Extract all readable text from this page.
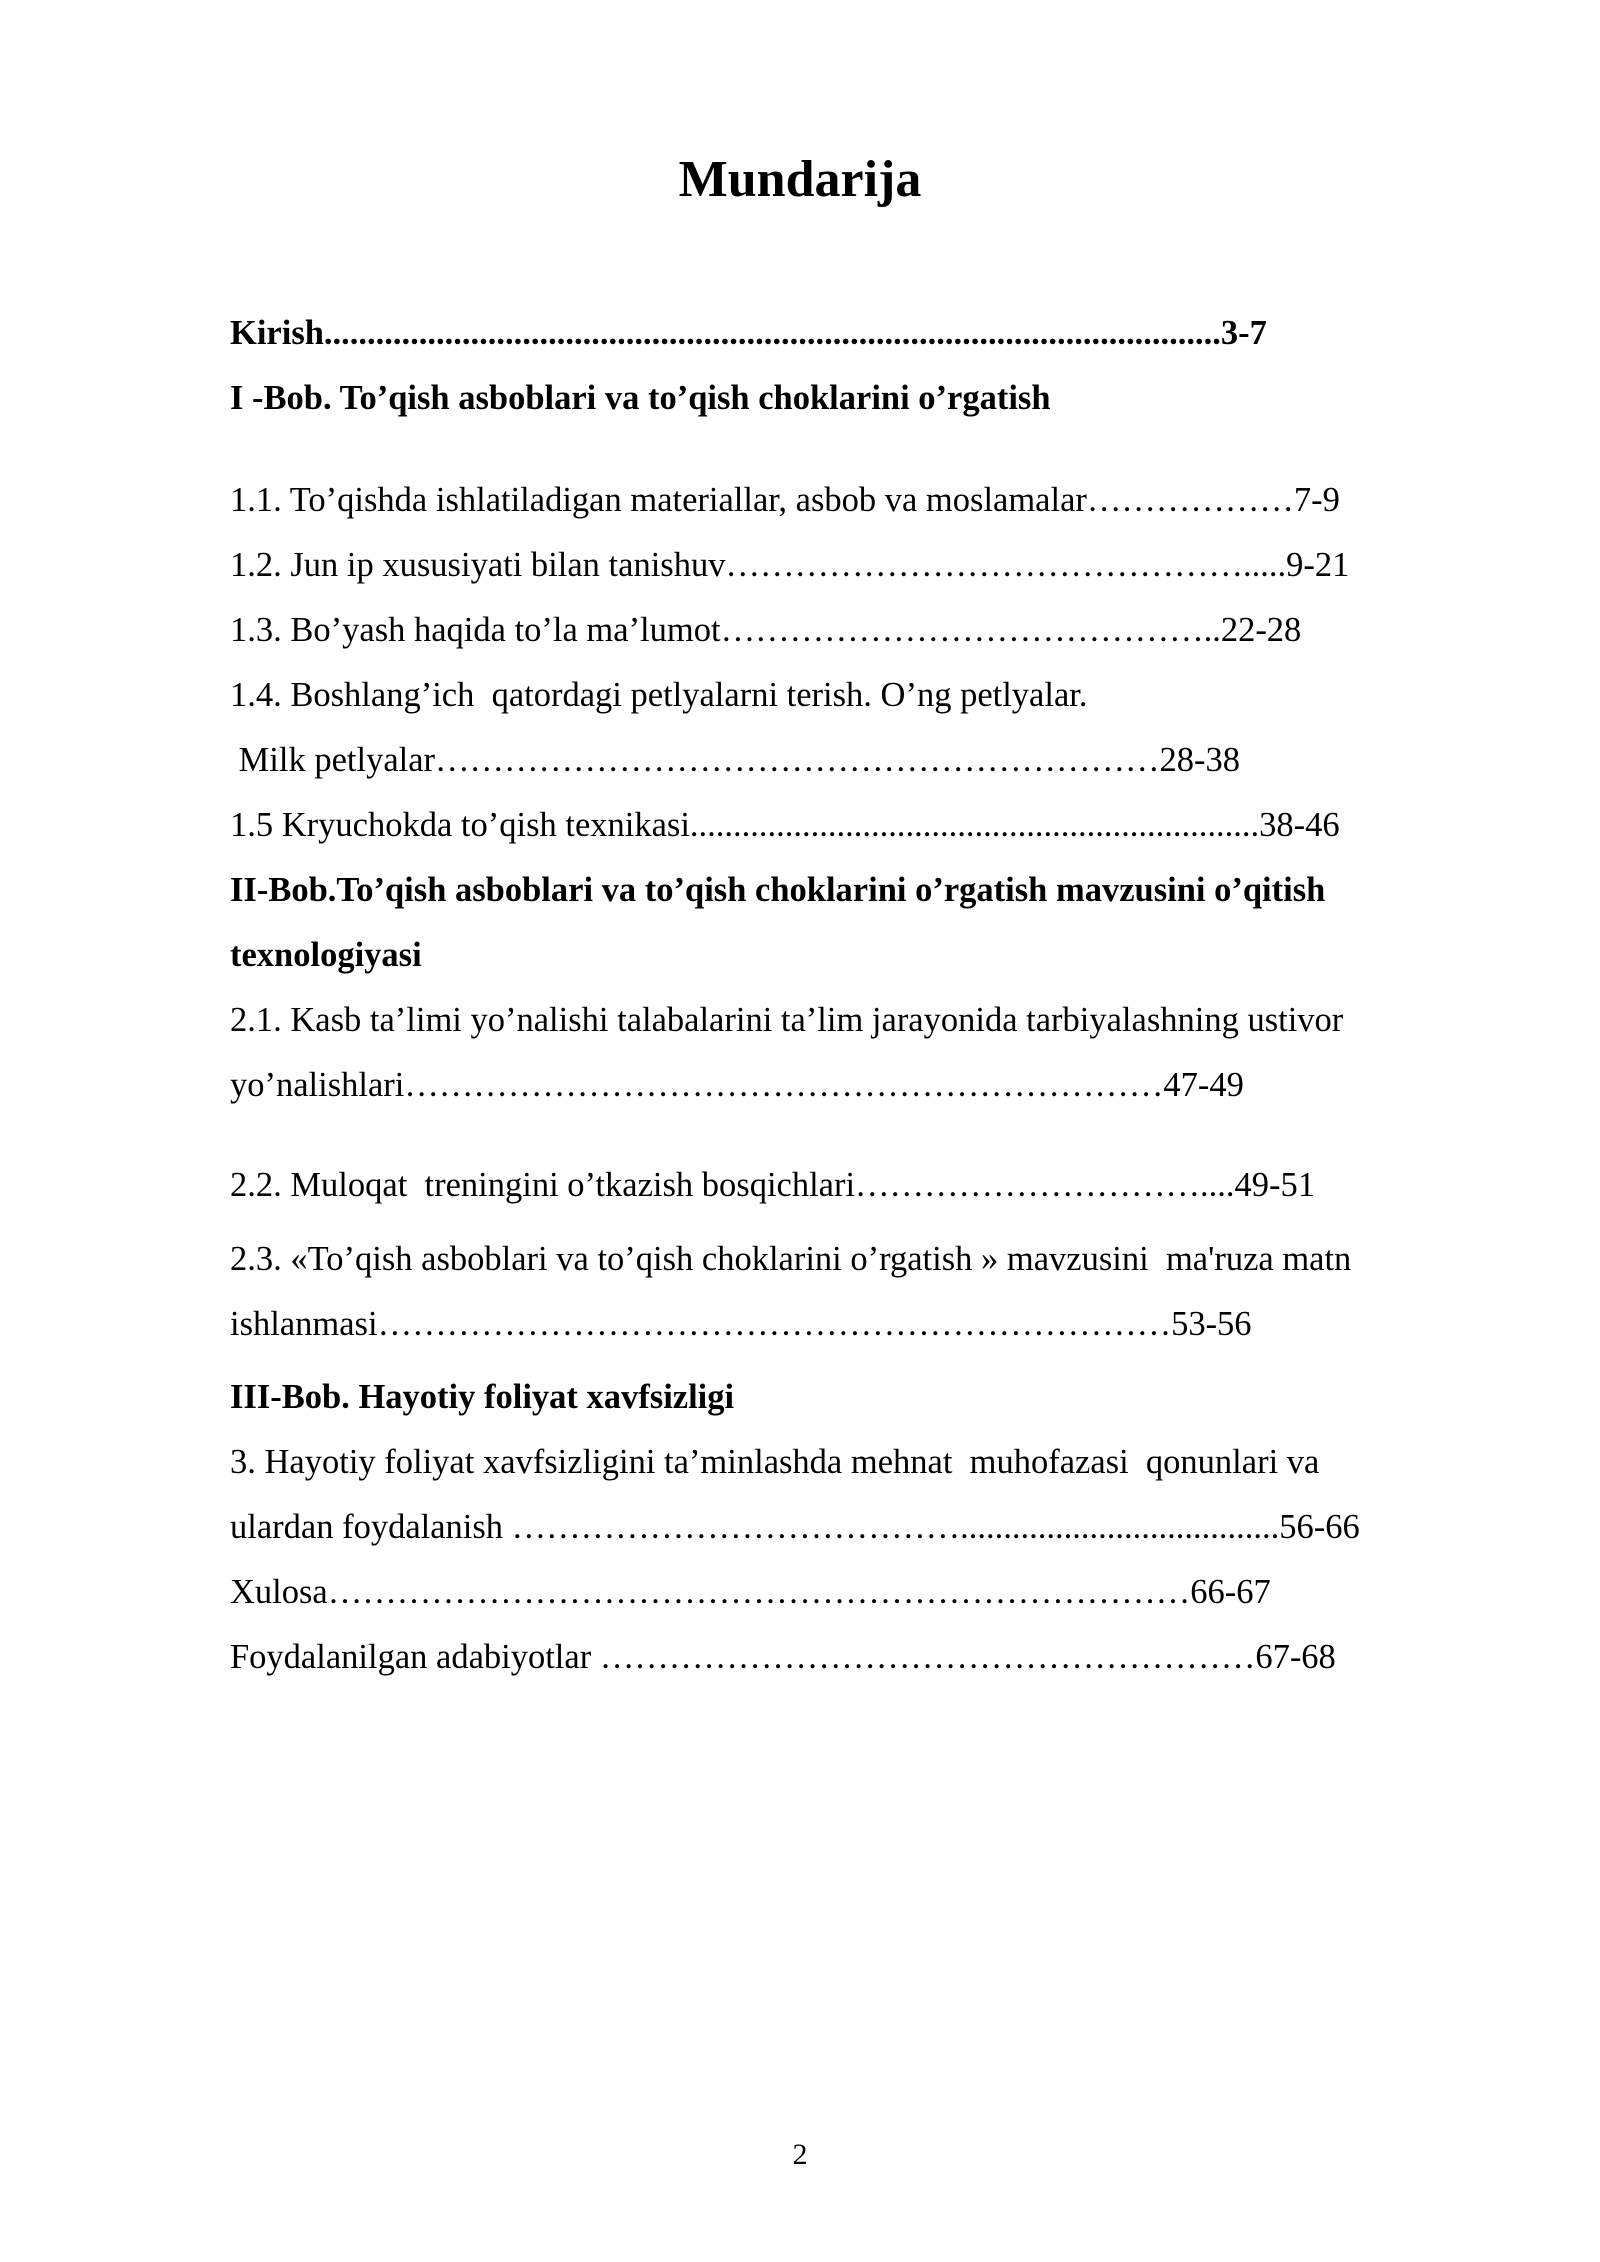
Mundarija
Kirish........................................................................................................3-7
I -Bob. To’qish asboblari va to’qish choklarini o’rgatish
1.1. To’qishda ishlatiladigan materiallar, asbob va moslamalar………………7-9
1.2. Jun ip xususiyati bilan tanishuv……………………………………….....9-21
1.3. Bo’yash haqida to’la ma’lumot……………………………………..22-28
1.4. Boshlang’ich  qatordagi petlyalarni terish. O’ng petlyalar.
Milk petlyalar………………………………………………………28-38
1.5 Kryuchokda to’qish texnikasi..................................................................38-46
II-Bob.To’qish asboblari va to’qish choklarini o’rgatish mavzusini o’qitish
texnologiyasi
2.1. Kasb ta’limi yo’nalishi talabalarini ta’lim jarayonida tarbiyalashning ustivor
yo’nalishlari…………………………………………………………47-49
2.2. Muloqat  treningini o’tkazish bosqichlari…………………………....49-51
2.3. «To’qish asboblari va to’qish choklarini o’rgatish » mavzusini  ma'ruza matn
ishlanmasi……………………………………………………………53-56
III-Bob. Hayotiy foliyat xavfsizligi
3. Hayotiy foliyat xavfsizligini ta’minlashda mehnat  muhofazasi  qonunlari va
ulardan foydalanish ………………………………….....................................56-66
Xulosa…………………………………………………………………66-67
Foydalanilgan adabiyotlar …………………………………………………67-68
2
